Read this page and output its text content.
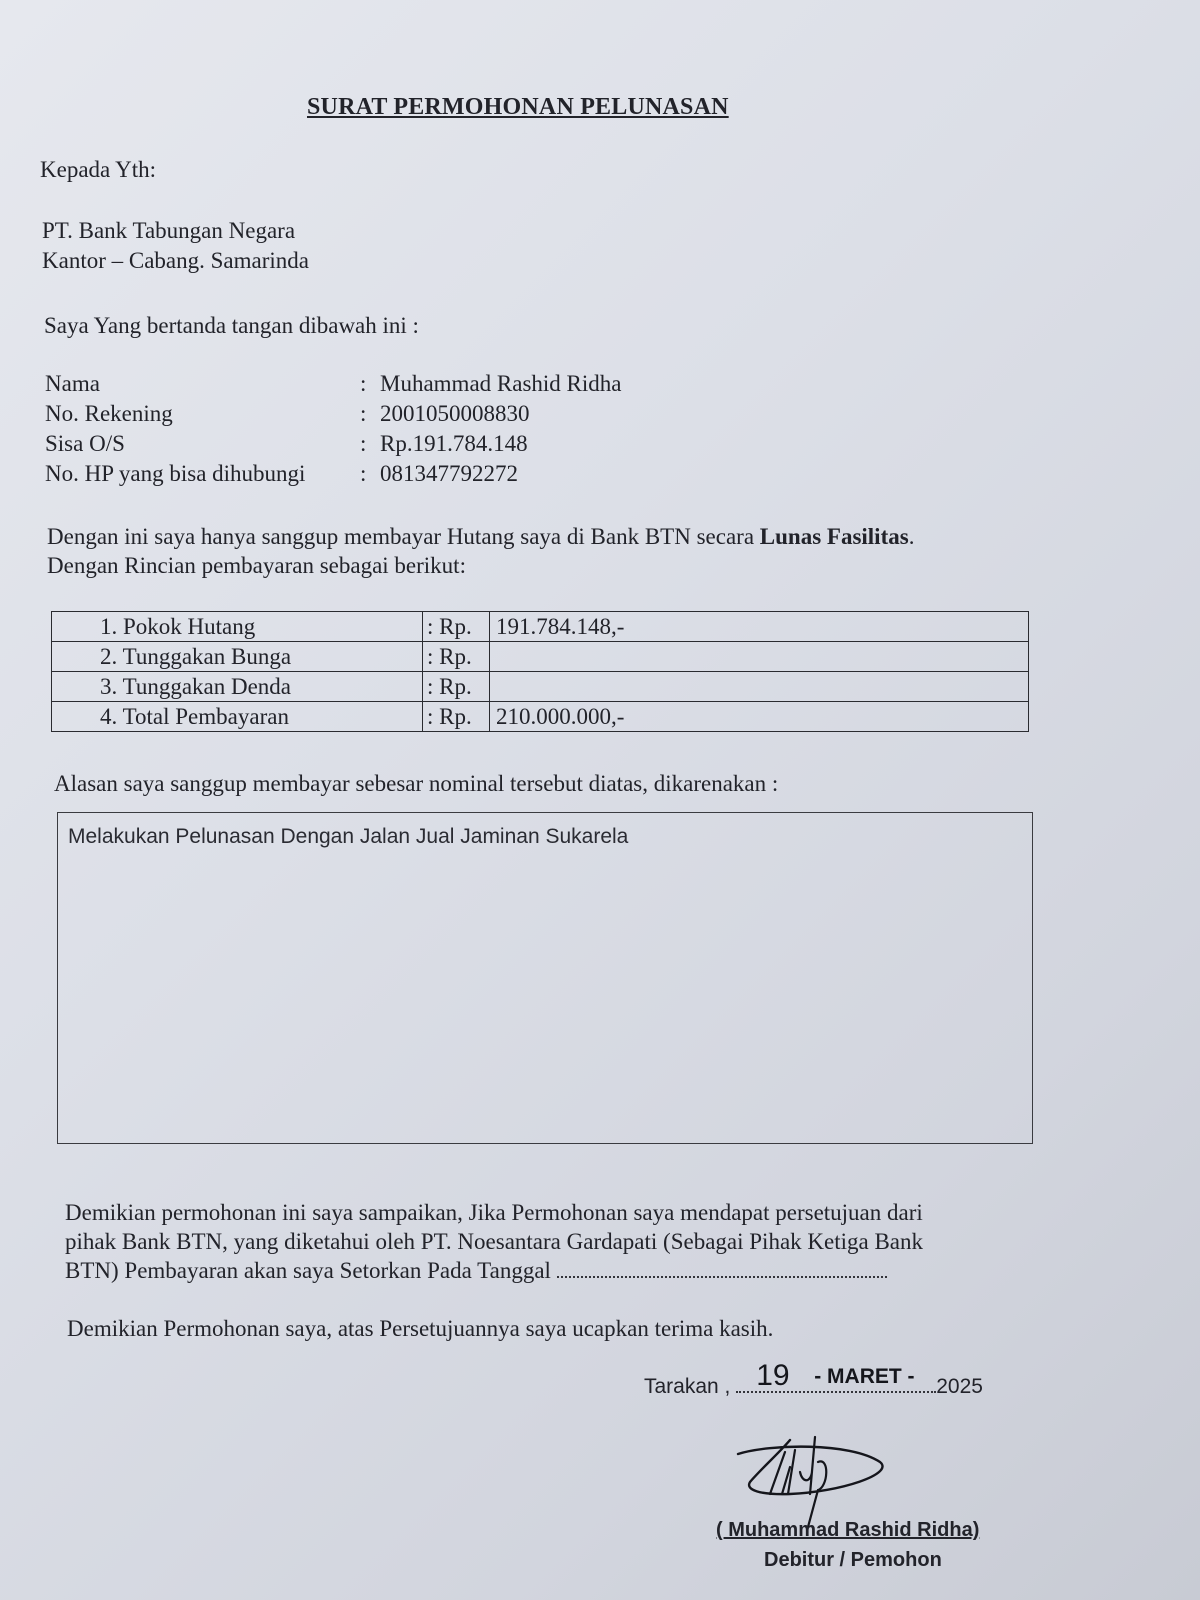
SURAT PERMOHONAN PELUNASAN
Kepada Yth:
PT. Bank Tabungan Negara
Kantor – Cabang. Samarinda
Saya Yang bertanda tangan dibawah ini :
Nama	: Muhammad Rashid Ridha
No. Rekening	: 2001050008830
Sisa O/S	: Rp.191.784.148
No. HP yang bisa dihubungi : 081347792272
Dengan ini saya hanya sanggup membayar Hutang saya di Bank BTN secara Lunas Fasilitas.
Dengan Rincian pembayaran sebagai berikut:
1. Pokok Hutang	: Rp.	191.784.148,-
2. Tunggakan Bunga	: Rp.	
3. Tunggakan Denda	: Rp.	
4. Total Pembayaran	: Rp.	210.000.000,-
Alasan saya sanggup membayar sebesar nominal tersebut diatas, dikarenakan :
Melakukan Pelunasan Dengan Jalan Jual Jaminan Sukarela
Demikian permohonan ini saya sampaikan, Jika Permohonan saya mendapat persetujuan dari
pihak Bank BTN, yang diketahui oleh PT. Noesantara Gardapati (Sebagai Pihak Ketiga Bank
BTN) Pembayaran akan saya Setorkan Pada Tanggal
Demikian Permohonan saya, atas Persetujuannya saya ucapkan terima kasih.
Tarakan , 19 - MARET - 2025
( Muhammad Rashid Ridha)
Debitur / Pemohon
